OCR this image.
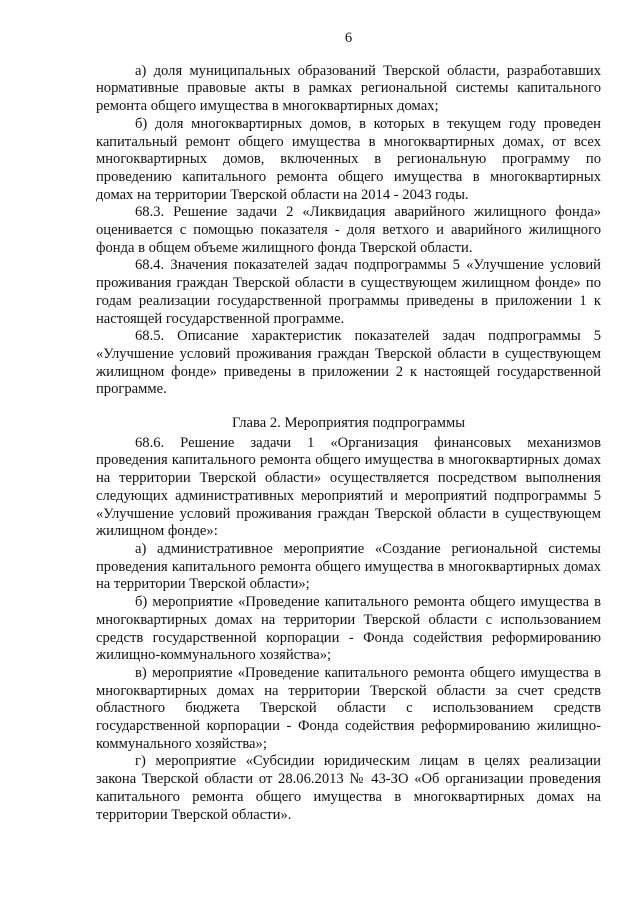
6

а) доля муниципальных образований Тверской области, разработавших нормативные правовые акты в рамках региональной системы капитального ремонта общего имущества в многоквартирных домах;

б) доля многоквартирных домов, в которых в текущем году проведен капитальный ремонт общего имущества в многоквартирных домах, от всех многоквартирных домов, включенных в региональную программу по проведению капитального ремонта общего имущества в многоквартирных домах на территории Тверской области на 2014 - 2043 годы.

68.3. Решение задачи 2 «Ликвидация аварийного жилищного фонда» оценивается с помощью показателя - доля ветхого и аварийного жилищного фонда в общем объеме жилищного фонда Тверской области.

68.4. Значения показателей задач подпрограммы 5 «Улучшение условий проживания граждан Тверской области в существующем жилищном фонде» по годам реализации государственной программы приведены в приложении 1 к настоящей государственной программе.

68.5. Описание характеристик показателей задач подпрограммы 5 «Улучшение условий проживания граждан Тверской области в существующем жилищном фонде» приведены в приложении 2 к настоящей государственной программе.

Глава 2. Мероприятия подпрограммы

68.6. Решение задачи 1 «Организация финансовых механизмов проведения капитального ремонта общего имущества в многоквартирных домах на территории Тверской области» осуществляется посредством выполнения следующих административных мероприятий и мероприятий подпрограммы 5 «Улучшение условий проживания граждан Тверской области в существующем жилищном фонде»:

а) административное мероприятие «Создание региональной системы проведения капитального ремонта общего имущества в многоквартирных домах на территории Тверской области»;

б) мероприятие «Проведение капитального ремонта общего имущества в многоквартирных домах на территории Тверской области с использованием средств государственной корпорации - Фонда содействия реформированию жилищно-коммунального хозяйства»;

в) мероприятие «Проведение капитального ремонта общего имущества в многоквартирных домах на территории Тверской области за счет средств областного бюджета Тверской области с использованием средств государственной корпорации - Фонда содействия реформированию жилищно-коммунального хозяйства»;

г) мероприятие «Субсидии юридическим лицам в целях реализации закона Тверской области от 28.06.2013 № 43-ЗО «Об организации проведения капитального ремонта общего имущества в многоквартирных домах на территории Тверской области».
